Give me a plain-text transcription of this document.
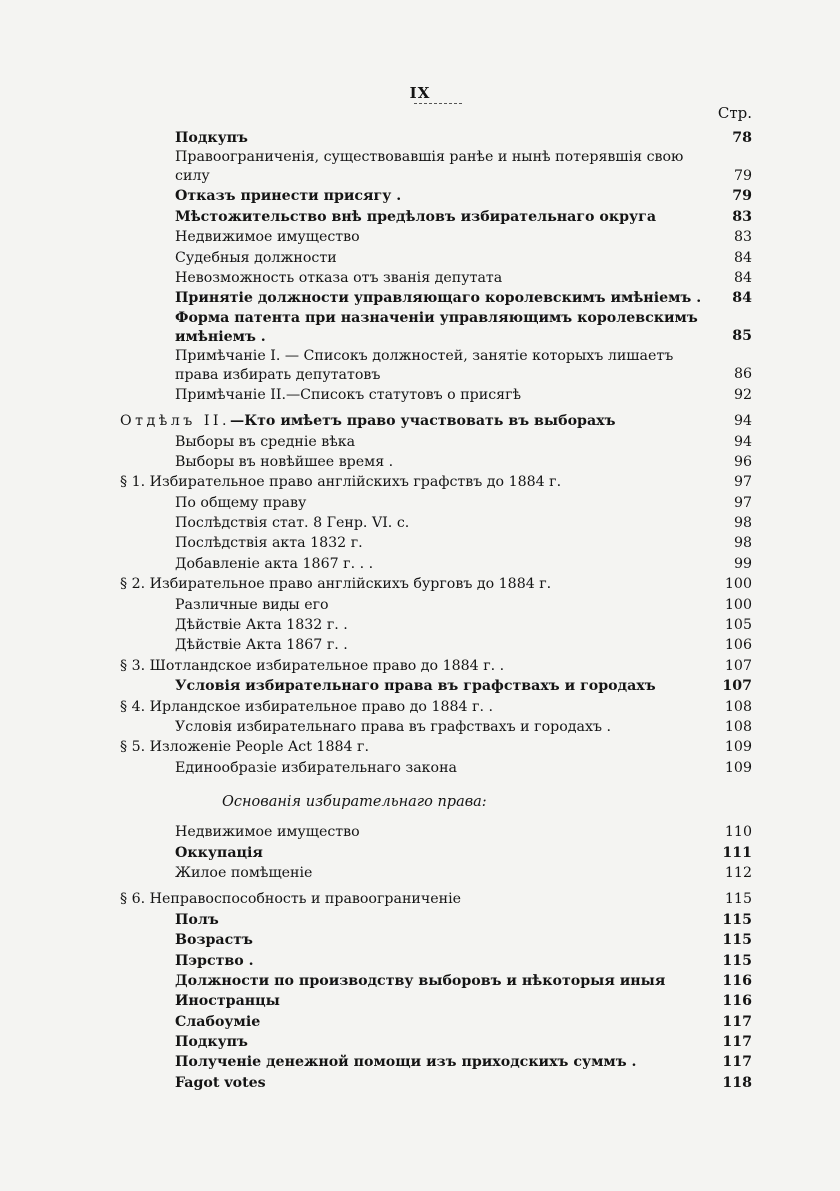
IX
Стр.
Подкупъ	78
Правоограниченія, существовавшія ранѣе и нынѣ потерявшія свою силу	79
Отказъ принести присягу .	79
Мѣстожительство внѣ предѣловъ избирательнаго округа	83
Недвижимое имущество	83
Судебныя должности	84
Невозможность отказа отъ званія депутата	84
Принятіе должности управляющаго королевскимъ имѣніемъ .	84
Форма патента при назначеніи управляющимъ королевскимъ имѣніемъ .	85
Примѣчаніе I. — Списокъ должностей, занятіе которыхъ лишаетъ права избирать депутатовъ	86
Примѣчаніе II.—Списокъ статутовъ о присягѣ	92
Отдѣлъ II.—Кто имѣетъ право участвовать въ выборахъ	94
Выборы въ средніе вѣка	94
Выборы въ новѣйшее время .	96
§ 1. Избирательное право англійскихъ графствъ до 1884 г.	97
По общему праву	97
Послѣдствія стат. 8 Генр. VI. с.	98
Послѣдствія акта 1832 г.	98
Добавленіе акта 1867 г. . .	99
§ 2. Избирательное право англійскихъ бурговъ до 1884 г.	100
Различные виды его	100
Дѣйствіе Акта 1832 г. .	105
Дѣйствіе Акта 1867 г. .	106
§ 3. Шотландское избирательное право до 1884 г. .	107
Условія избирательнаго права въ графствахъ и городахъ	107
§ 4. Ирландское избирательное право до 1884 г. .	108
Условія избирательнаго права въ графствахъ и городахъ .	108
§ 5. Изложеніе People Act 1884 г.	109
Единообразіе избирательнаго закона	109
Основанія избирательнаго права:
Недвижимое имущество	110
Оккупація	111
Жилое помѣщеніе	112
§ 6. Неправоспособность и правоограниченіе	115
Полъ	115
Возрастъ	115
Пэрство .	115
Должности по производству выборовъ и нѣкоторыя иныя	116
Иностранцы	116
Слабоуміе	117
Подкупъ	117
Полученіе денежной помощи изъ приходскихъ суммъ .	117
Fagot votes	118
